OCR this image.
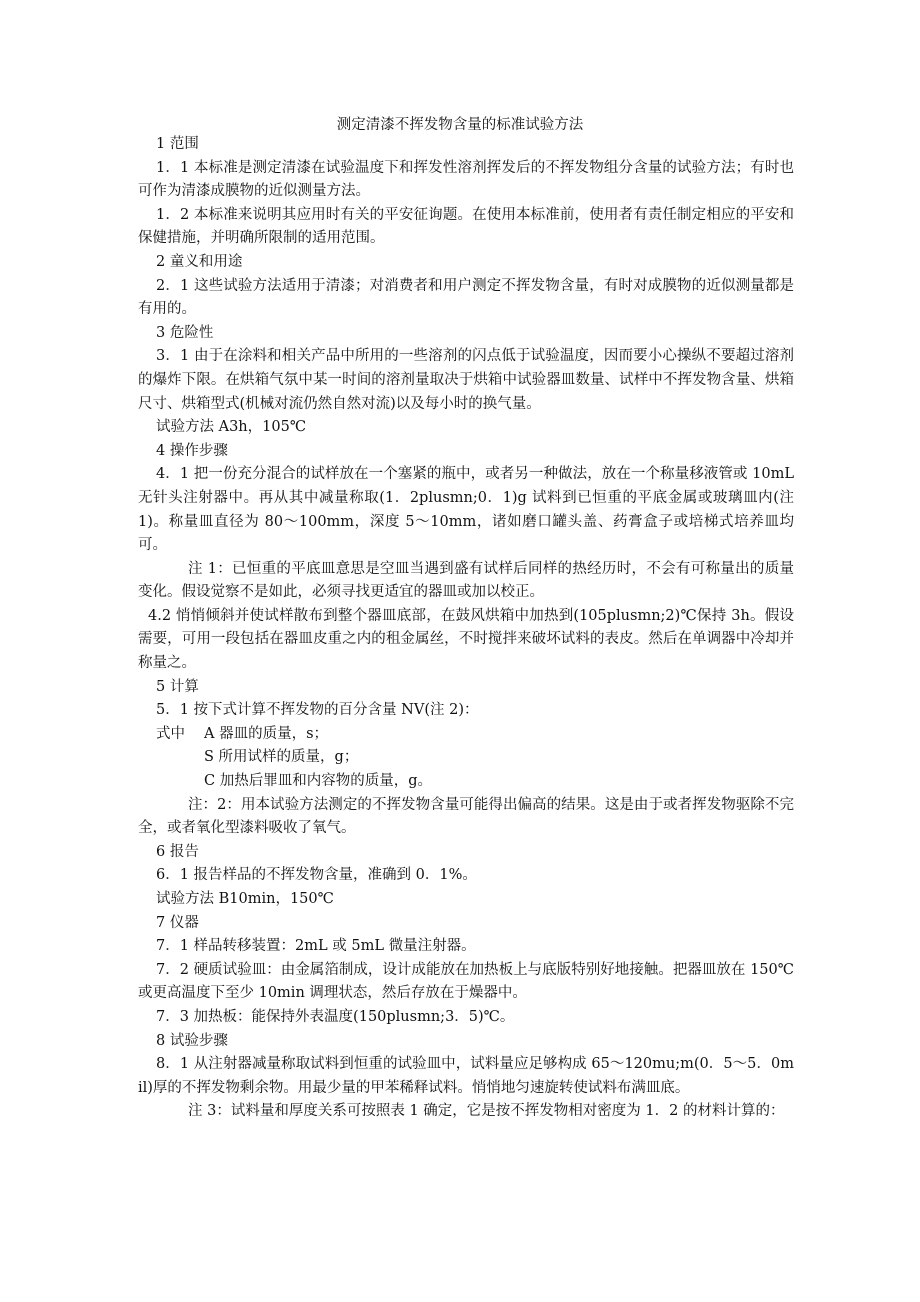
测定清漆不挥发物含量的标准试验方法

1 范围

1．1 本标准是测定清漆在试验温度下和挥发性溶剂挥发后的不挥发物组分含量的试验方法；有时也可作为清漆成膜物的近似测量方法。

1．2 本标准来说明其应用时有关的平安征询题。在使用本标准前，使用者有责任制定相应的平安和保健措施，并明确所限制的适用范围。

2 童义和用途

2．1 这些试验方法适用于清漆；对消费者和用户测定不挥发物含量，有时对成膜物的近似测量都是有用的。

3 危险性

3．1 由于在涂料和相关产品中所用的一些溶剂的闪点低于试验温度，因而要小心操纵不要超过溶剂的爆炸下限。在烘箱气氛中某一时间的溶剂量取决于烘箱中试验器皿数量、试样中不挥发物含量、烘箱尺寸、烘箱型式(机械对流仍然自然对流)以及每小时的换气量。

试验方法 A3h，105℃

4 操作步骤

4．1 把一份充分混合的试样放在一个塞紧的瓶中，或者另一种做法，放在一个称量移液管或 10mL 无针头注射器中。再从其中减量称取(1．2plusmn;0．1)g 试料到已恒重的平底金属或玻璃皿内(注 1)。称量皿直径为 80～100mm，深度 5～10mm，诸如磨口罐头盖、药膏盒子或培梯式培养皿均可。

注 1：已恒重的平底皿意思是空皿当遇到盛有试样后同样的热经历时，不会有可称量出的质量变化。假设觉察不是如此，必须寻找更适宜的器皿或加以校正。

4.2 悄悄倾斜并使试样散布到整个器皿底部，在鼓风烘箱中加热到(105plusmn;2)℃保持 3h。假设需要，可用一段包括在器皿皮重之内的租金属丝，不时搅拌来破坏试料的表皮。然后在单调器中冷却并称量之。

5 计算

5．1 按下式计算不挥发物的百分含量 NV(注 2)：

式中 A 器皿的质量，s；

S 所用试样的质量，g；

C 加热后罪皿和内容物的质量，g。

注：2：用本试验方法测定的不挥发物含量可能得出偏高的结果。这是由于或者挥发物驱除不完全，或者氧化型漆料吸收了氧气。

6 报告

6．1 报告样品的不挥发物含量，准确到 0．1%。

试验方法 B10min，150℃

7 仪器

7．1 样品转移装置：2mL 或 5mL 微量注射器。

7．2 硬质试验皿：由金属箔制成，设计成能放在加热板上与底版特别好地接触。把器皿放在 150℃或更高温度下至少 10min 调理状态，然后存放在于燥器中。

7．3 加热板：能保持外表温度(150plusmn;3．5)℃。

8 试验步骤

8．1 从注射器减量称取试料到恒重的试验皿中，试料量应足够构成 65～120mu;m(0．5～5．0mil)厚的不挥发物剩余物。用最少量的甲苯稀释试料。悄悄地匀速旋转使试料布满皿底。

注 3：试料量和厚度关系可按照表 1 确定，它是按不挥发物相对密度为 1．2 的材料计算的：
